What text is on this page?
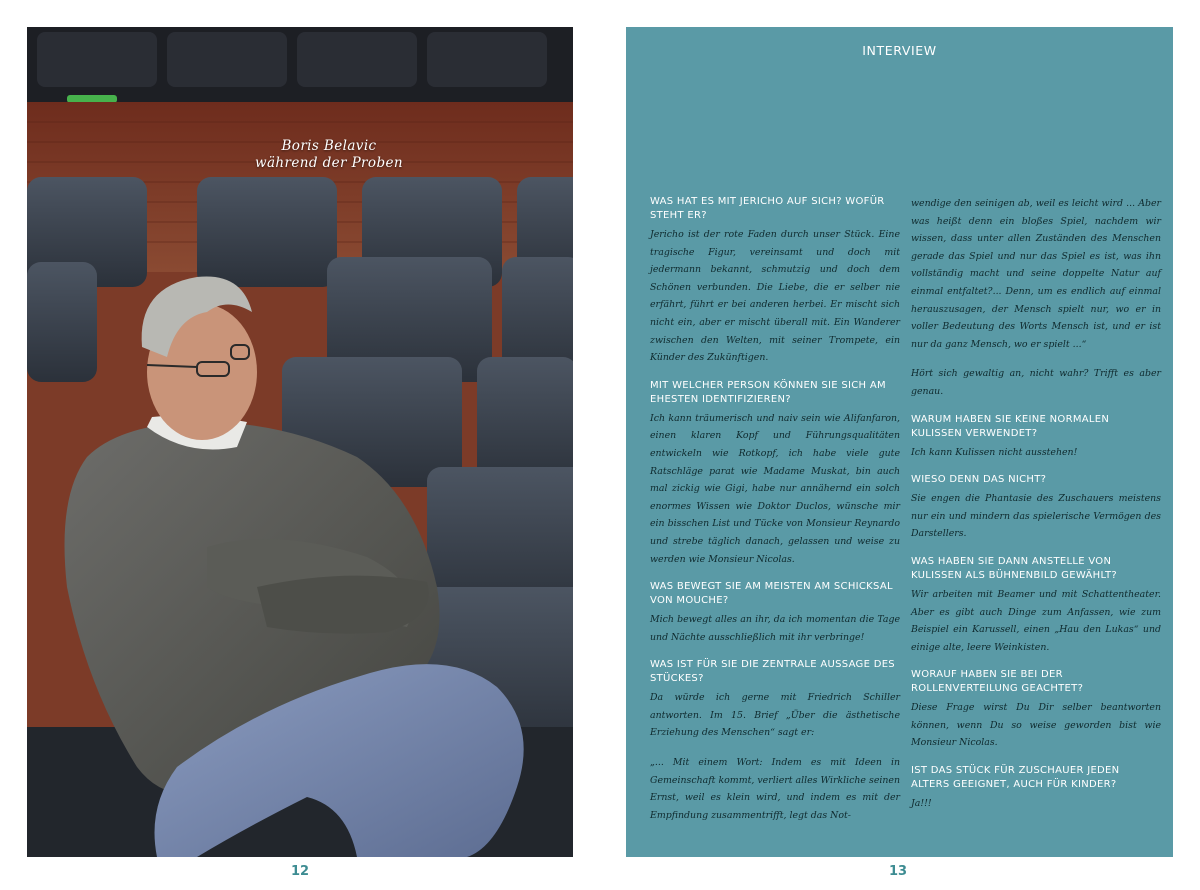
Boris Belavic
während der Proben
12
INTERVIEW

WAS HAT ES MIT JERICHO AUF SICH? WOFÜR STEHT ER?

Jericho ist der rote Faden durch unser Stück. Eine tragische Figur, vereinsamt und doch mit jedermann bekannt, schmutzig und doch dem Schönen verbunden. Die Liebe, die er selber nie erfährt, führt er bei anderen herbei. Er mischt sich nicht ein, aber er mischt überall mit. Ein Wanderer zwischen den Welten, mit seiner Trompete, ein Künder des Zukünftigen.

MIT WELCHER PERSON KÖNNEN SIE SICH AM EHESTEN IDENTIFIZIEREN?

Ich kann träumerisch und naiv sein wie Alifanfaron, einen klaren Kopf und Führungsqualitäten entwickeln wie Rotkopf, ich habe viele gute Ratschläge parat wie Madame Muskat, bin auch mal zickig wie Gigi, habe nur annähernd ein solch enormes Wissen wie Doktor Duclos, wünsche mir ein bisschen List und Tücke von Monsieur Reynardo und strebe täglich danach, gelassen und weise zu werden wie Monsieur Nicolas.

WAS BEWEGT SIE AM MEISTEN AM SCHICKSAL VON MOUCHE?

Mich bewegt alles an ihr, da ich momentan die Tage und Nächte ausschließlich mit ihr verbringe!

WAS IST FÜR SIE DIE ZENTRALE AUSSAGE DES STÜCKES?

Da würde ich gerne mit Friedrich Schiller antworten. Im 15. Brief „Über die ästhetische Erziehung des Menschen“ sagt er:

„... Mit einem Wort: Indem es mit Ideen in Gemeinschaft kommt, verliert alles Wirkliche seinen Ernst, weil es klein wird, und indem es mit der Empfindung zusammentrifft, legt das Not-

wendige den seinigen ab, weil es leicht wird ... Aber was heißt denn ein bloßes Spiel, nachdem wir wissen, dass unter allen Zuständen des Menschen gerade das Spiel und nur das Spiel es ist, was ihn vollständig macht und seine doppelte Natur auf einmal entfaltet?... Denn, um es endlich auf einmal herauszusagen, der Mensch spielt nur, wo er in voller Bedeutung des Worts Mensch ist, und er ist nur da ganz Mensch, wo er spielt ...“

Hört sich gewaltig an, nicht wahr? Trifft es aber genau.

WARUM HABEN SIE KEINE NORMALEN KULISSEN VERWENDET?

Ich kann Kulissen nicht ausstehen!

WIESO DENN DAS NICHT?

Sie engen die Phantasie des Zuschauers meistens nur ein und mindern das spielerische Vermögen des Darstellers.

WAS HABEN SIE DANN ANSTELLE VON KULISSEN ALS BÜHNENBILD GEWÄHLT?

Wir arbeiten mit Beamer und mit Schattentheater. Aber es gibt auch Dinge zum Anfassen, wie zum Beispiel ein Karussell, einen „Hau den Lukas“ und einige alte, leere Weinkisten.

WORAUF HABEN SIE BEI DER ROLLENVERTEILUNG GEACHTET?

Diese Frage wirst Du Dir selber beantworten können, wenn Du so weise geworden bist wie Monsieur Nicolas.

IST DAS STÜCK FÜR ZUSCHAUER JEDEN ALTERS GEEIGNET, AUCH FÜR KINDER?

Ja!!!

13
